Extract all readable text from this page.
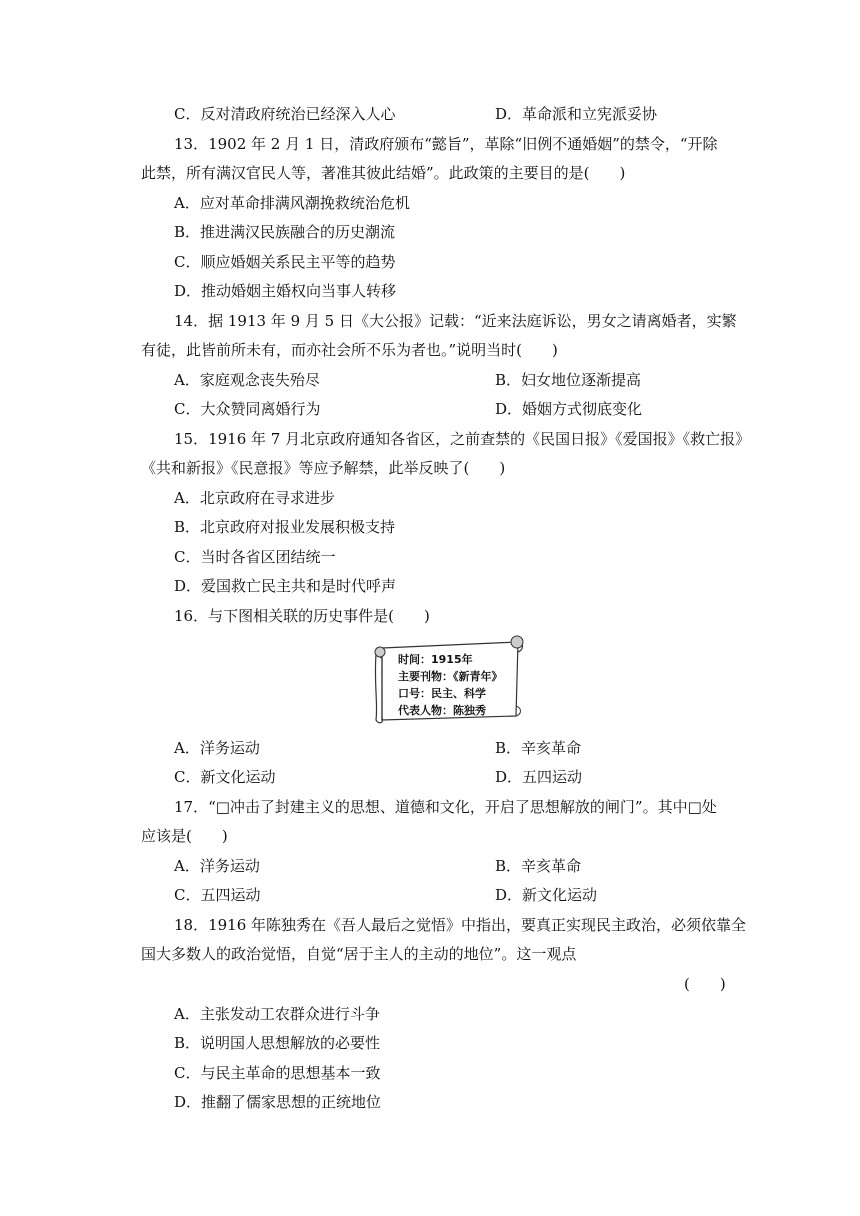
C．反对清政府统治已经深入人心	D．革命派和立宪派妥协
13．1902 年 2 月 1 日，清政府颁布“懿旨”，革除“旧例不通婚姻”的禁令，“开除
此禁，所有满汉官民人等，著准其彼此结婚”。此政策的主要目的是(　　)
A．应对革命排满风潮挽救统治危机
B．推进满汉民族融合的历史潮流
C．顺应婚姻关系民主平等的趋势
D．推动婚姻主婚权向当事人转移
14．据 1913 年 9 月 5 日《大公报》记载：“近来法庭诉讼，男女之请离婚者，实繁
有徒，此皆前所未有，而亦社会所不乐为者也。”说明当时(　　)
A．家庭观念丧失殆尽	B．妇女地位逐渐提高
C．大众赞同离婚行为	D．婚姻方式彻底变化
15．1916 年 7 月北京政府通知各省区，之前查禁的《民国日报》《爱国报》《救亡报》
《共和新报》《民意报》等应予解禁，此举反映了(　　)
A．北京政府在寻求进步
B．北京政府对报业发展积极支持
C．当时各省区团结统一
D．爱国救亡民主共和是时代呼声
16．与下图相关联的历史事件是(　　)
时间：1915年
主要刊物：《新青年》
口号：民主、科学
代表人物：陈独秀
A．洋务运动	B．辛亥革命
C．新文化运动	D．五四运动
17．“□冲击了封建主义的思想、道德和文化，开启了思想解放的闸门”。其中□处
应该是(　　)
A．洋务运动	B．辛亥革命
C．五四运动	D．新文化运动
18．1916 年陈独秀在《吾人最后之觉悟》中指出，要真正实现民主政治，必须依靠全
国大多数人的政治觉悟，自觉“居于主人的主动的地位”。这一观点
(　　)
A．主张发动工农群众进行斗争
B．说明国人思想解放的必要性
C．与民主革命的思想基本一致
D．推翻了儒家思想的正统地位
